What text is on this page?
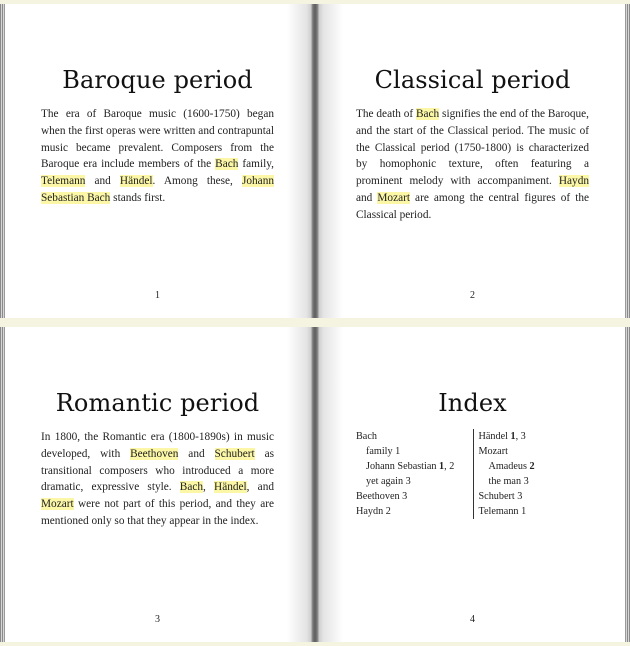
Baroque period

The era of Baroque music (1600-1750) began when the first operas were written and contrapuntal music became prevalent. Composers from the Baroque era include members of the Bach family, Telemann and Händel. Among these, Johann Sebastian Bach stands first.

1
Classical period

The death of Bach signifies the end of the Baroque, and the start of the Classical period. The music of the Classical period (1750-1800) is characterized by homophonic texture, often featuring a prominent melody with accompaniment. Haydn and Mozart are among the central figures of the Classical period.

2
Romantic period

In 1800, the Romantic era (1800-1890s) in music developed, with Beethoven and Schubert as transitional composers who introduced a more dramatic, expressive style. Bach, Händel, and Mozart were not part of this period, and they are mentioned only so that they appear in the index.

3
Index
Bach
family 1
Johann Sebastian 1, 2
yet again 3
Beethoven 3
Haydn 2
Händel 1, 3
Mozart
Amadeus 2
the man 3
Schubert 3
Telemann 1
4
